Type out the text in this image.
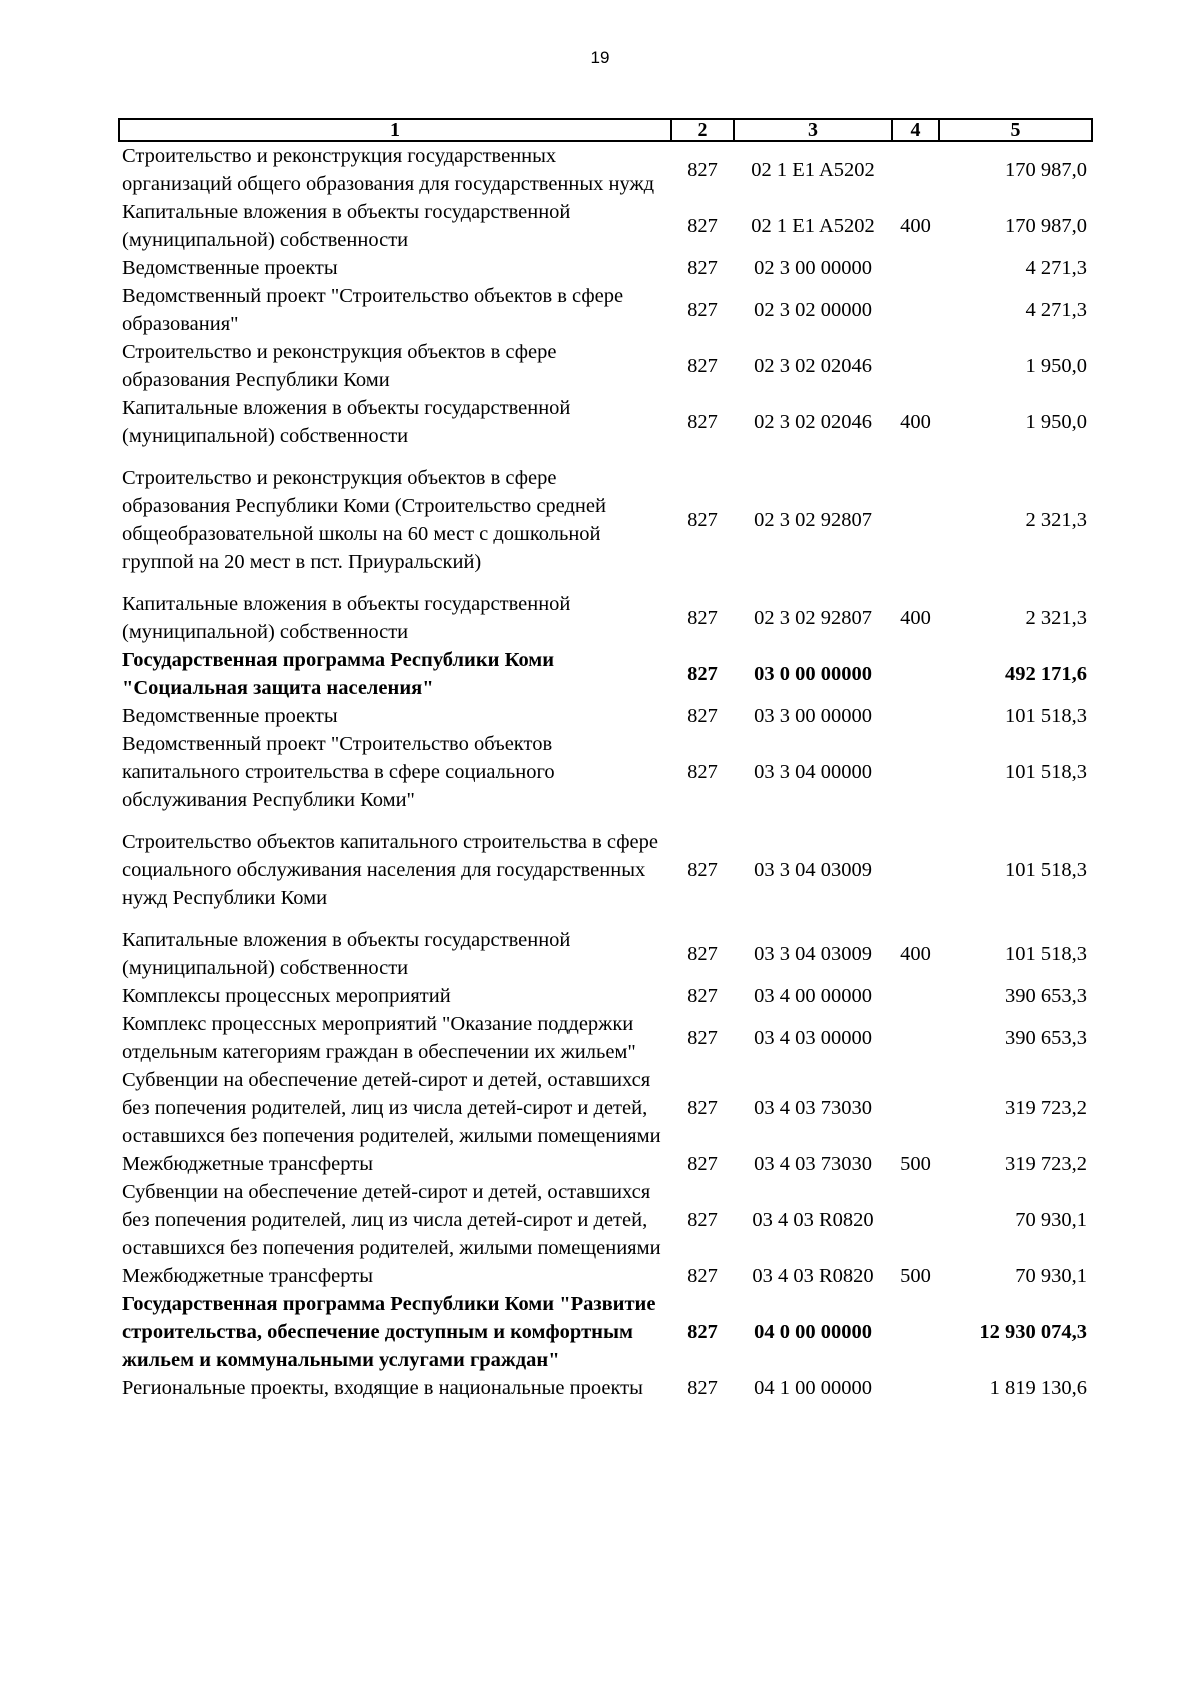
19
1	2	3	4	5
Строительство и реконструкция государственных организаций общего образования для государственных нужд	827	02 1 E1 A5202		170 987,0
Капитальные вложения в объекты государственной (муниципальной) собственности	827	02 1 E1 A5202	400	170 987,0
Ведомственные проекты	827	02 3 00 00000		4 271,3
Ведомственный проект "Строительство объектов в сфере образования"	827	02 3 02 00000		4 271,3
Строительство и реконструкция объектов в сфере образования Республики Коми	827	02 3 02 02046		1 950,0
Капитальные вложения в объекты государственной (муниципальной) собственности	827	02 3 02 02046	400	1 950,0
Строительство и реконструкция объектов в сфере образования Республики Коми (Строительство средней общеобразовательной школы на 60 мест с дошкольной группой на 20 мест в пст. Приуральский)	827	02 3 02 92807		2 321,3
Капитальные вложения в объекты государственной (муниципальной) собственности	827	02 3 02 92807	400	2 321,3
Государственная программа Республики Коми "Социальная защита населения"	827	03 0 00 00000		492 171,6
Ведомственные проекты	827	03 3 00 00000		101 518,3
Ведомственный проект "Строительство объектов капитального строительства в сфере социального обслуживания Республики Коми"	827	03 3 04 00000		101 518,3
Строительство объектов капитального строительства в сфере социального обслуживания населения для государственных нужд Республики Коми	827	03 3 04 03009		101 518,3
Капитальные вложения в объекты государственной (муниципальной) собственности	827	03 3 04 03009	400	101 518,3
Комплексы процессных мероприятий	827	03 4 00 00000		390 653,3
Комплекс процессных мероприятий "Оказание поддержки отдельным категориям граждан в обеспечении их жильем"	827	03 4 03 00000		390 653,3
Субвенции на обеспечение детей-сирот и детей, оставшихся без попечения родителей, лиц из числа детей-сирот и детей, оставшихся без попечения родителей, жилыми помещениями	827	03 4 03 73030		319 723,2
Межбюджетные трансферты	827	03 4 03 73030	500	319 723,2
Субвенции на обеспечение детей-сирот и детей, оставшихся без попечения родителей, лиц из числа детей-сирот и детей, оставшихся без попечения родителей, жилыми помещениями	827	03 4 03 R0820		70 930,1
Межбюджетные трансферты	827	03 4 03 R0820	500	70 930,1
Государственная программа Республики Коми "Развитие строительства, обеспечение доступным и комфортным жильем и коммунальными услугами граждан"	827	04 0 00 00000		12 930 074,3
Региональные проекты, входящие в национальные проекты	827	04 1 00 00000		1 819 130,6
